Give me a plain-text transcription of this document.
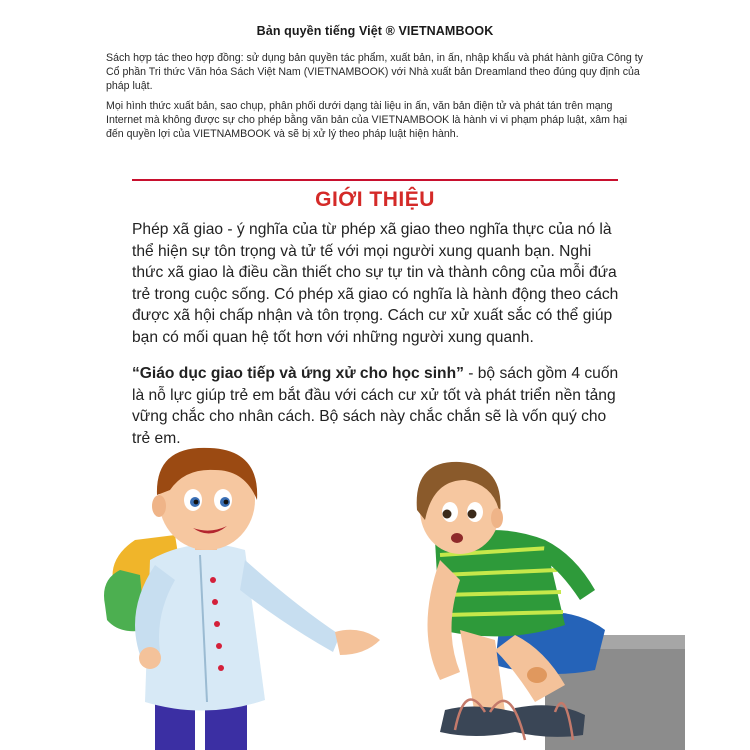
Bản quyền tiếng Việt ® VIETNAMBOOK
Sách hợp tác theo hợp đồng: sử dụng bản quyền tác phẩm, xuất bản, in ấn, nhập khẩu và phát hành giữa Công ty Cổ phần Tri thức Văn hóa Sách Việt Nam (VIETNAMBOOK) với Nhà xuất bản Dreamland theo đúng quy định của pháp luật.
Mọi hình thức xuất bản, sao chụp, phân phối dưới dạng tài liệu in ấn, văn bản điện tử và phát tán trên mạng Internet mà không được sự cho phép bằng văn bản của VIETNAMBOOK là hành vi vi phạm pháp luật, xâm hại đến quyền lợi của VIETNAMBOOK và sẽ bị xử lý theo pháp luật hiện hành.
GIỚI THIỆU
Phép xã giao - ý nghĩa của từ phép xã giao theo nghĩa thực của nó là thể hiện sự tôn trọng và tử tế với mọi người xung quanh bạn. Nghi thức xã giao là điều cần thiết cho sự tự tin và thành công của mỗi đứa trẻ trong cuộc sống. Có phép xã giao có nghĩa là hành động theo cách được xã hội chấp nhận và tôn trọng. Cách cư xử xuất sắc có thể giúp bạn có mối quan hệ tốt hơn với những người xung quanh.
“Giáo dục giao tiếp và ứng xử cho học sinh” - bộ sách gồm 4 cuốn là nỗ lực giúp trẻ em bắt đầu với cách cư xử tốt và phát triển nền tảng vững chắc cho nhân cách. Bộ sách này chắc chắn sẽ là vốn quý cho trẻ em.
